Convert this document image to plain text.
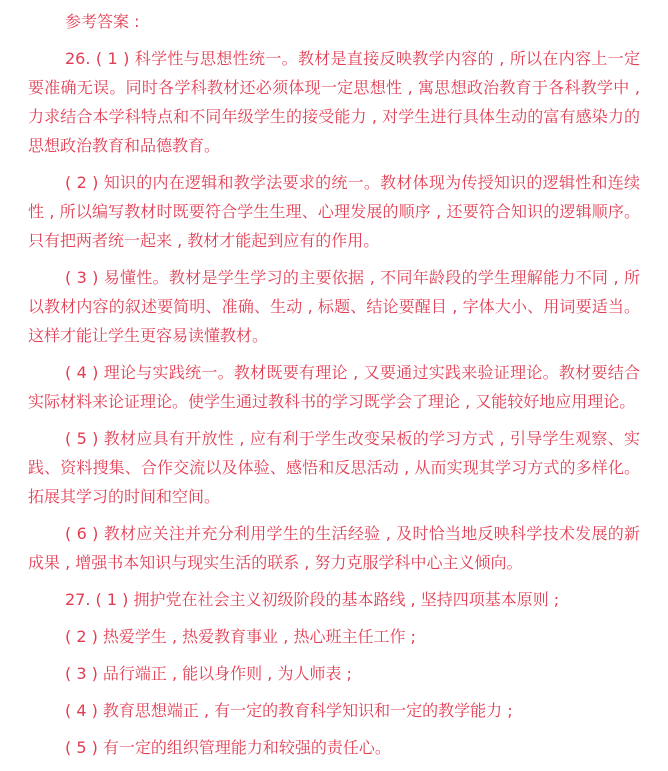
参考答案 :

26. ( 1 ) 科学性与思想性统一。教材是直接反映教学内容的 , 所以在内容上一定要准确无误。同时各学科教材还必须体现一定思想性 , 寓思想政治教育于各科教学中 , 力求结合本学科特点和不同年级学生的接受能力 , 对学生进行具体生动的富有感染力的思想政治教育和品德教育。

( 2 ) 知识的内在逻辑和教学法要求的统一。教材体现为传授知识的逻辑性和连续性 , 所以编写教材时既要符合学生生理、心理发展的顺序 , 还要符合知识的逻辑顺序。只有把两者统一起来 , 教材才能起到应有的作用。

( 3 ) 易懂性。教材是学生学习的主要依据 , 不同年龄段的学生理解能力不同 , 所以教材内容的叙述要简明、准确、生动 , 标题、结论要醒目 , 字体大小、用词要适当。这样才能让学生更容易读懂教材。

( 4 ) 理论与实践统一。教材既要有理论 , 又要通过实践来验证理论。教材要结合实际材料来论证理论。使学生通过教科书的学习既学会了理论 , 又能较好地应用理论。

( 5 ) 教材应具有开放性 , 应有利于学生改变呆板的学习方式 , 引导学生观察、实践、资料搜集、合作交流以及体验、感悟和反思活动 , 从而实现其学习方式的多样化。拓展其学习的时间和空间。

( 6 ) 教材应关注并充分利用学生的生活经验 , 及时恰当地反映科学技术发展的新成果 , 增强书本知识与现实生活的联系 , 努力克服学科中心主义倾向。

27. ( 1 ) 拥护党在社会主义初级阶段的基本路线 , 坚持四项基本原则 ;

( 2 ) 热爱学生 , 热爱教育事业 , 热心班主任工作 ;

( 3 ) 品行端正 , 能以身作则 , 为人师表 ;

( 4 ) 教育思想端正 , 有一定的教育科学知识和一定的教学能力 ;

( 5 ) 有一定的组织管理能力和较强的责任心。
